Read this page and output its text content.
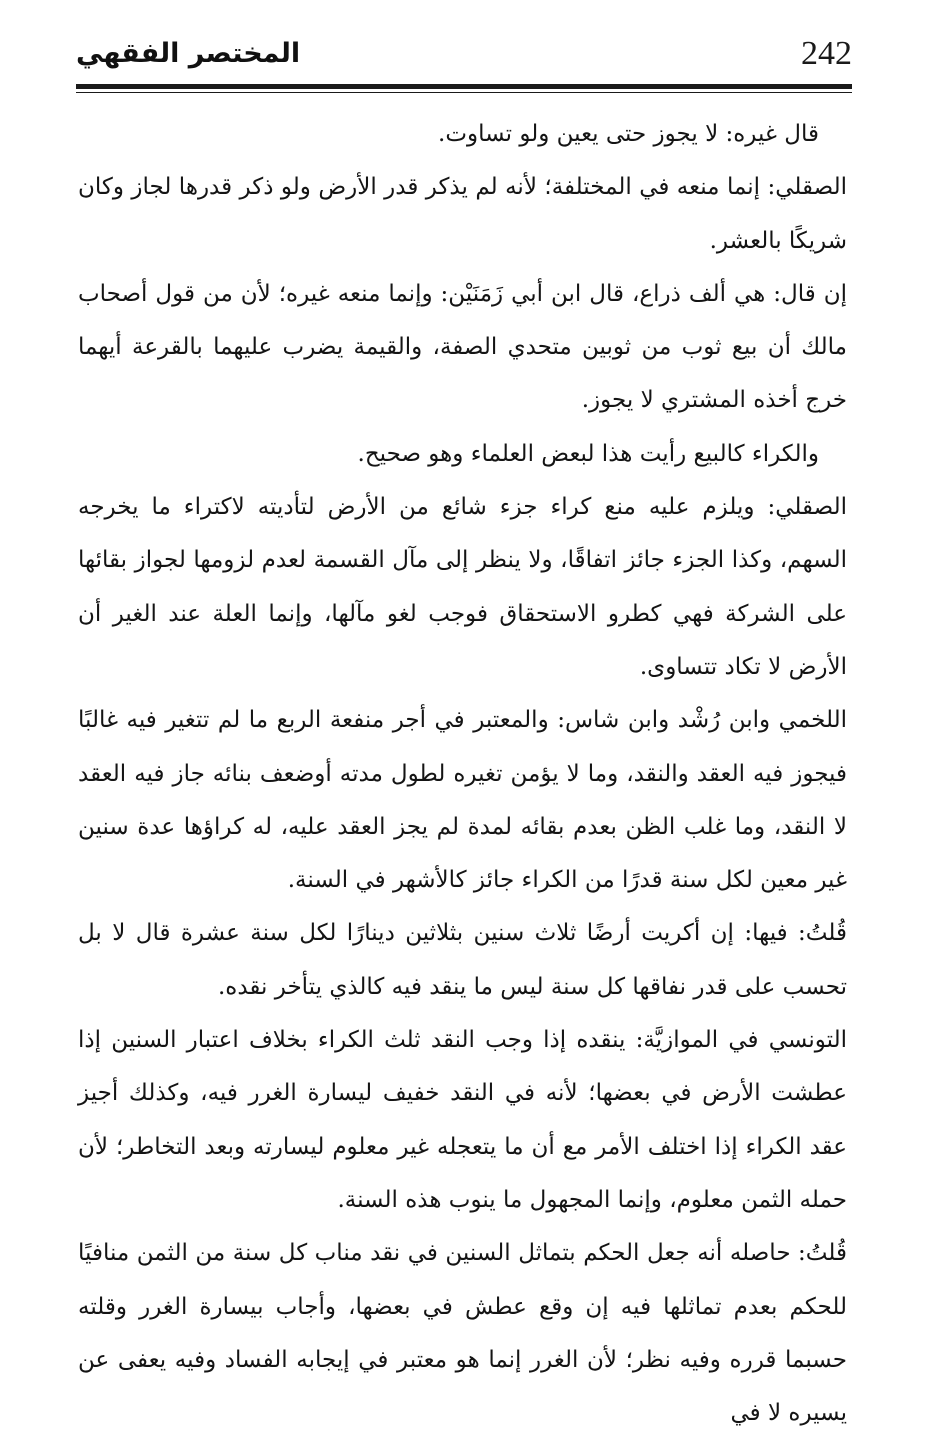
242
المختصر الفقهي

قال غيره: لا يجوز حتى يعين ولو تساوت.

الصقلي: إنما منعه في المختلفة؛ لأنه لم يذكر قدر الأرض ولو ذكر قدرها لجاز وكان شريكًا بالعشر.

إن قال: هي ألف ذراع، قال ابن أبي زَمَنَيْن: وإنما منعه غيره؛ لأن من قول أصحاب مالك أن بيع ثوب من ثوبين متحدي الصفة، والقيمة يضرب عليهما بالقرعة أيهما خرج أخذه المشتري لا يجوز.

والكراء كالبيع رأيت هذا لبعض العلماء وهو صحيح.

الصقلي: ويلزم عليه منع كراء جزء شائع من الأرض لتأديته لاكتراء ما يخرجه السهم، وكذا الجزء جائز اتفاقًا، ولا ينظر إلى مآل القسمة لعدم لزومها لجواز بقائها على الشركة فهي كطرو الاستحقاق فوجب لغو مآلها، وإنما العلة عند الغير أن الأرض لا تكاد تتساوى.

اللخمي وابن رُشْد وابن شاس: والمعتبر في أجر منفعة الربع ما لم تتغير فيه غالبًا فيجوز فيه العقد والنقد، وما لا يؤمن تغيره لطول مدته أوضعف بنائه جاز فيه العقد لا النقد، وما غلب الظن بعدم بقائه لمدة لم يجز العقد عليه، له كراؤها عدة سنين غير معين لكل سنة قدرًا من الكراء جائز كالأشهر في السنة.

قُلتُ: فيها: إن أكريت أرضًا ثلاث سنين بثلاثين دينارًا لكل سنة عشرة قال لا بل تحسب على قدر نفاقها كل سنة ليس ما ينقد فيه كالذي يتأخر نقده.

التونسي في الموازيَّة: ينقده إذا وجب النقد ثلث الكراء بخلاف اعتبار السنين إذا عطشت الأرض في بعضها؛ لأنه في النقد خفيف ليسارة الغرر فيه، وكذلك أجيز عقد الكراء إذا اختلف الأمر مع أن ما يتعجله غير معلوم ليسارته وبعد التخاطر؛ لأن حمله الثمن معلوم، وإنما المجهول ما ينوب هذه السنة.

قُلتُ: حاصله أنه جعل الحكم بتماثل السنين في نقد مناب كل سنة من الثمن منافيًا للحكم بعدم تماثلها فيه إن وقع عطش في بعضها، وأجاب بيسارة الغرر وقلته حسبما قرره وفيه نظر؛ لأن الغرر إنما هو معتبر في إيجابه الفساد وفيه يعفى عن يسيره لا في
